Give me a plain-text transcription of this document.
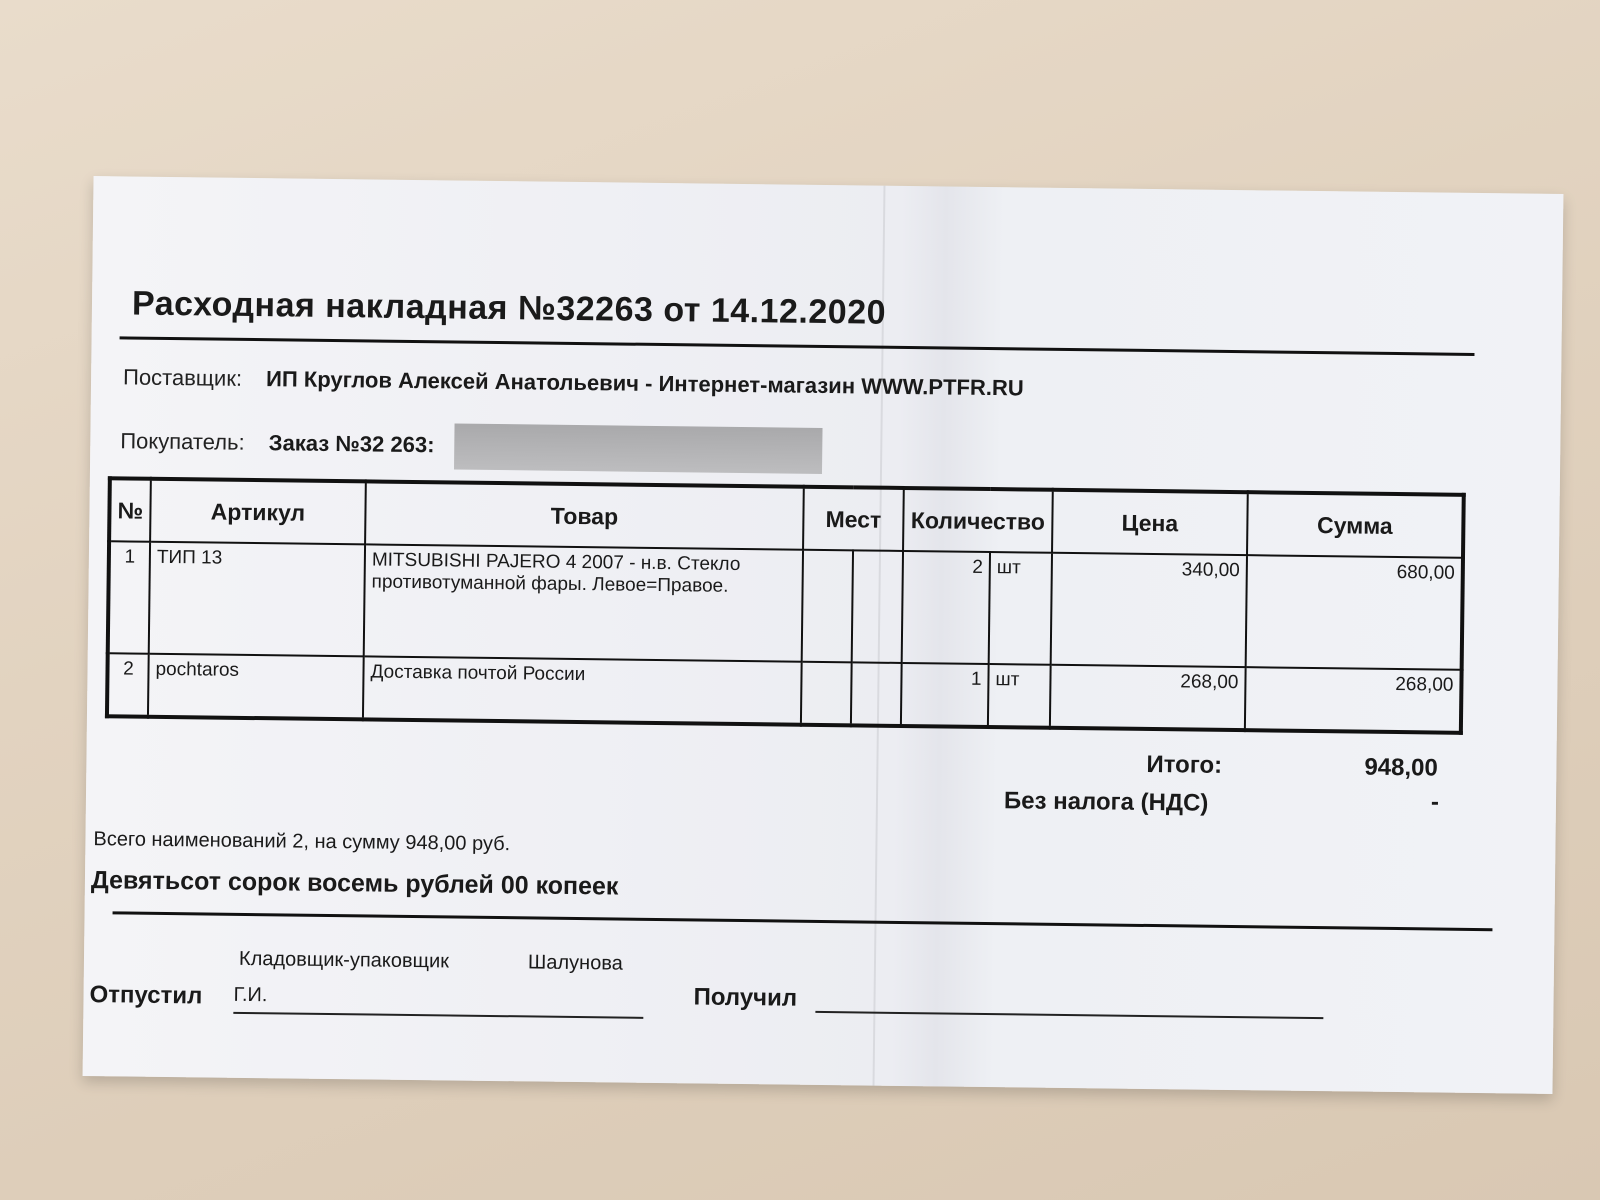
Расходная накладная №32263 от 14.12.2020
Поставщик: ИП Круглов Алексей Анатольевич - Интернет-магазин WWW.PTFR.RU
Покупатель: Заказ №32 263:
№	Артикул	Товар	Мест		Количество		Цена	Сумма
1	ТИП 13	MITSUBISHI PAJERO 4 2007 - н.в. Стекло противотуманной фары. Левое=Правое.			2	шт	340,00	680,00
2	pochtaros	Доставка почтой России			1	шт	268,00	268,00
Итого:	948,00
Без налога (НДС)	-
Всего наименований 2, на сумму 948,00 руб.
Девятьсот сорок восемь рублей 00 копеек
Отпустил
Кладовщик-упаковщик	Шалунова
Г.И.	Получил
